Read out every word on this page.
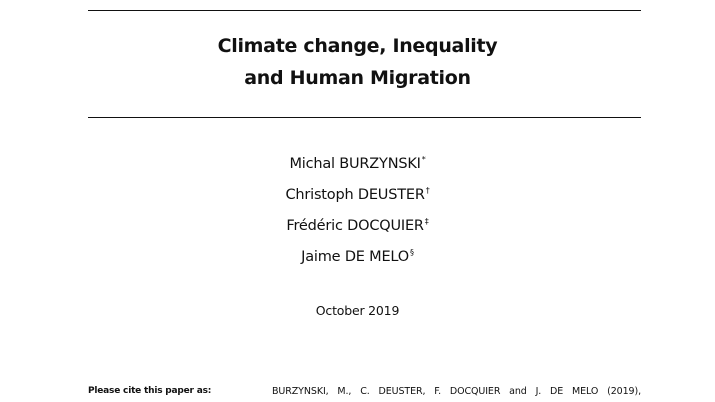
Climate change, Inequality
and Human Migration
Michal BURZYNSKI*
Christoph DEUSTER†
Frédéric DOCQUIER‡
Jaime DE MELO§
October 2019
Please cite this paper as:	BURZYNSKI, M., C. DEUSTER, F. DOCQUIER and J. DE MELO (2019),
